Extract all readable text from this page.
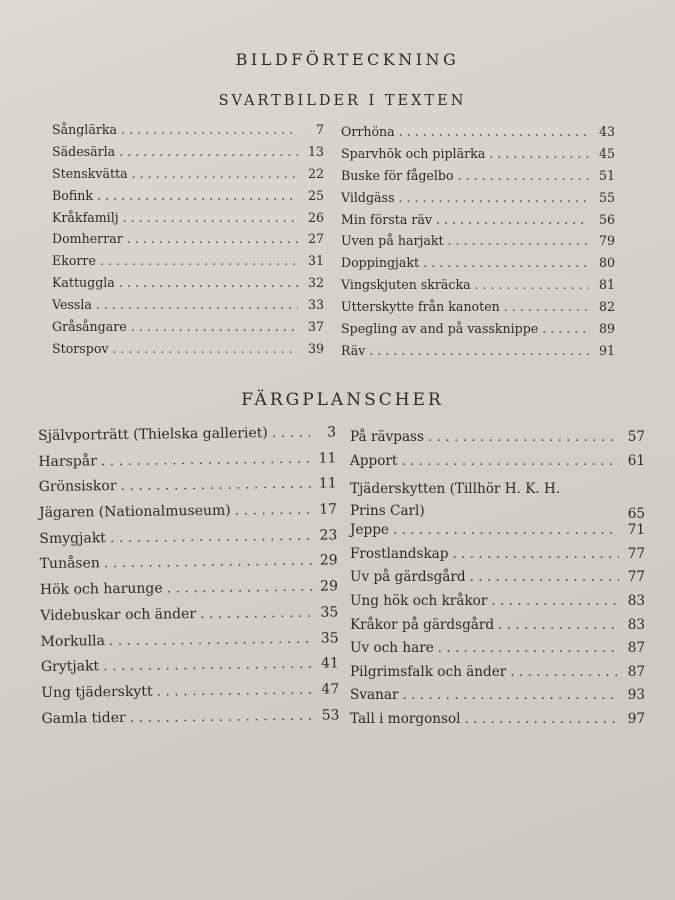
BILDFÖRTECKNING
SVARTBILDER I TEXTEN
Sånglärka . . .	7
Sädesärla . . .	13
Stenskvätta . . .	22
Bofink . . .	25
Kråkfamilj . . .	26
Domherrar . . .	27
Ekorre . . .	31
Kattuggla . . .	32
Vessla . . .	33
Gråsångare . . .	37
Storspov . . .	39
Orrhöna . . .	43
Sparvhök och piplärka . . .	45
Buske för fågelbo . . .	51
Vildgäss . . .	55
Min första räv . . .	56
Uven på harjakt . . .	79
Doppingjakt . . .	80
Vingskjuten skräcka . . .	81
Utterskytte från kanoten . . .	82
Spegling av and på vassknippe . . .	89
Räv . . .	91
FÄRGPLANSCHER
Självporträtt (Thielska galleriet) . . .	3
Harspår . . .	11
Grönsiskor . . .	11
Jägaren (Nationalmuseum) . . .	17
Smygjakt . . .	23
Tunåsen . . .	29
Hök och harunge . . .	29
Videbuskar och änder . . .	35
Morkulla . . .	35
Grytjakt . . .	41
Ung tjäderskytt . . .	47
Gamla tider . . .	53
På rävpass . . .	57
Apport . . .	61
Tjäderskytten (Tillhör H. K. H. Prins Carl)	65
Jeppe . . .	71
Frostlandskap . . .	77
Uv på gärdsgård . . .	77
Ung hök och kråkor . . .	83
Kråkor på gärdsgård . . .	83
Uv och hare . . .	87
Pilgrimsfalk och änder . . .	87
Svanar . . .	93
Tall i morgonsol . . .	97
